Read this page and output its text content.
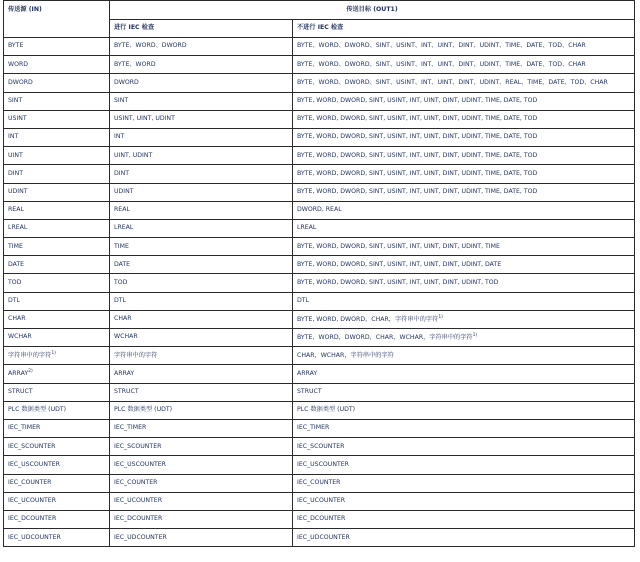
传送源 (IN)	传送目标 (OUT1)	
	进行 IEC 检查	不进行 IEC 检查
BYTE	BYTE、WORD、DWORD	BYTE、WORD、DWORD、SINT、USINT、INT、UINT、DINT、UDINT、TIME、DATE、TOD、CHAR
WORD	BYTE、WORD	BYTE、WORD、DWORD、SINT、USINT、INT、UINT、DINT、UDINT、TIME、DATE、TOD、CHAR
DWORD	DWORD	BYTE、WORD、DWORD、SINT、USINT、INT、UINT、DINT、UDINT、REAL、TIME、DATE、TOD、CHAR
SINT	SINT	BYTE, WORD, DWORD, SINT, USINT, INT, UINT, DINT, UDINT, TIME, DATE, TOD
USINT	USINT, UINT, UDINT	BYTE, WORD, DWORD, SINT, USINT, INT, UINT, DINT, UDINT, TIME, DATE, TOD
INT	INT	BYTE, WORD, DWORD, SINT, USINT, INT, UINT, DINT, UDINT, TIME, DATE, TOD
UINT	UINT, UDINT	BYTE, WORD, DWORD, SINT, USINT, INT, UINT, DINT, UDINT, TIME, DATE, TOD
DINT	DINT	BYTE, WORD, DWORD, SINT, USINT, INT, UINT, DINT, UDINT, TIME, DATE, TOD
UDINT	UDINT	BYTE, WORD, DWORD, SINT, USINT, INT, UINT, DINT, UDINT, TIME, DATE, TOD
REAL	REAL	DWORD, REAL
LREAL	LREAL	LREAL
TIME	TIME	BYTE, WORD, DWORD, SINT, USINT, INT, UINT, DINT, UDINT, TIME
DATE	DATE	BYTE, WORD, DWORD, SINT, USINT, INT, UINT, DINT, UDINT, DATE
TOD	TOD	BYTE, WORD, DWORD, SINT, USINT, INT, UINT, DINT, UDINT, TOD
DTL	DTL	DTL
CHAR	CHAR	BYTE, WORD, DWORD，CHAR，字符串中的字符$^{1)}$
WCHAR	WCHAR	BYTE，WORD，DWORD，CHAR，WCHAR，字符串中的字符$^{1)}$
字符串中的字符$^{1)}$	字符串中的字符	CHAR，WCHAR，字符串中的字符
ARRAY$^{2)}$	ARRAY	ARRAY
STRUCT	STRUCT	STRUCT
PLC 数据类型 (UDT)	PLC 数据类型 (UDT)	PLC 数据类型 (UDT)
IEC_TIMER	IEC_TIMER	IEC_TIMER
IEC_SCOUNTER	IEC_SCOUNTER	IEC_SCOUNTER
IEC_USCOUNTER	IEC_USCOUNTER	IEC_USCOUNTER
IEC_COUNTER	IEC_COUNTER	IEC_COUNTER
IEC_UCOUNTER	IEC_UCOUNTER	IEC_UCOUNTER
IEC_DCOUNTER	IEC_DCOUNTER	IEC_DCOUNTER
IEC_UDCOUNTER	IEC_UDCOUNTER	IEC_UDCOUNTER
